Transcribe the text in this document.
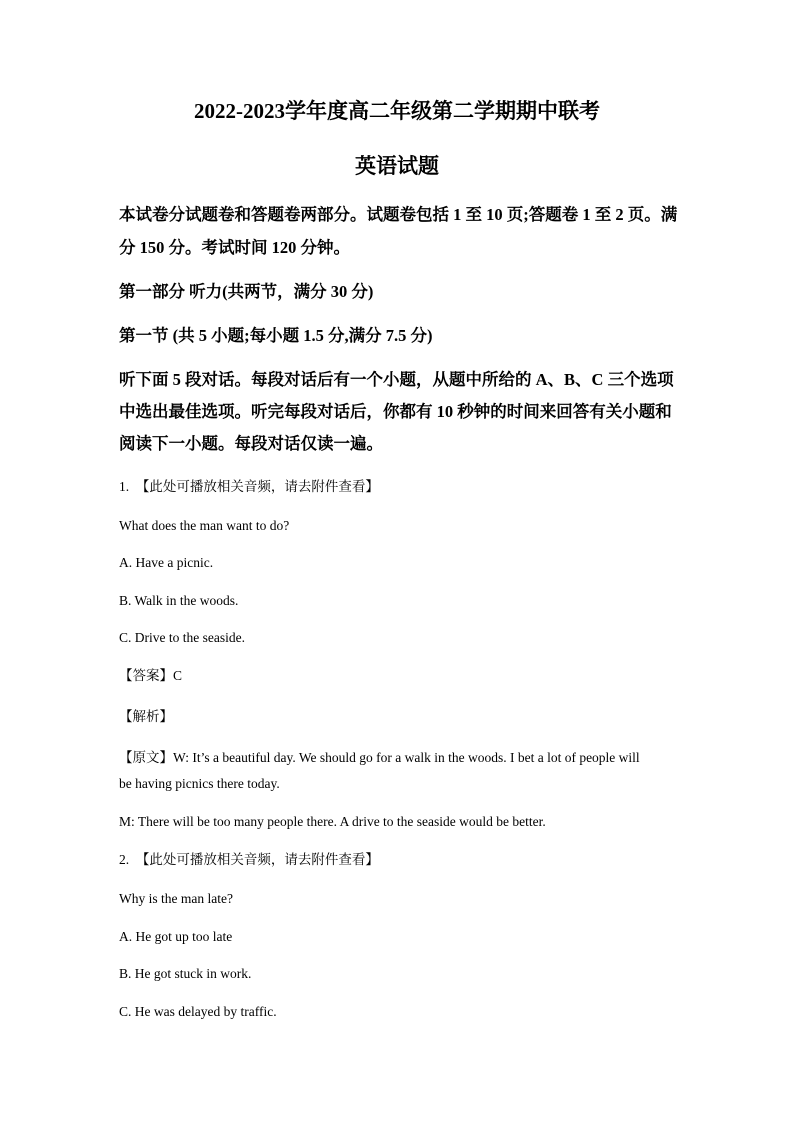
2022-2023学年度高二年级第二学期期中联考
英语试题
本试卷分试题卷和答题卷两部分。试题卷包括 1 至 10 页;答题卷 1 至 2 页。满
分 150 分。考试时间 120 分钟。
第一部分 听力(共两节，满分 30 分)
第一节 (共 5 小题;每小题 1.5 分,满分 7.5 分)
听下面 5 段对话。每段对话后有一个小题，从题中所给的 A、B、C 三个选项
中选出最佳选项。听完每段对话后，你都有 10 秒钟的时间来回答有关小题和
阅读下一小题。每段对话仅读一遍。
1. 【此处可播放相关音频，请去附件查看】
What does the man want to do?
A. Have a picnic.
B. Walk in the woods.
C. Drive to the seaside.
【答案】C
【解析】
【原文】W: It’s a beautiful day. We should go for a walk in the woods. I bet a lot of people will
be having picnics there today.
M: There will be too many people there. A drive to the seaside would be better.
2. 【此处可播放相关音频，请去附件查看】
Why is the man late?
A. He got up too late
B. He got stuck in work.
C. He was delayed by traffic.
